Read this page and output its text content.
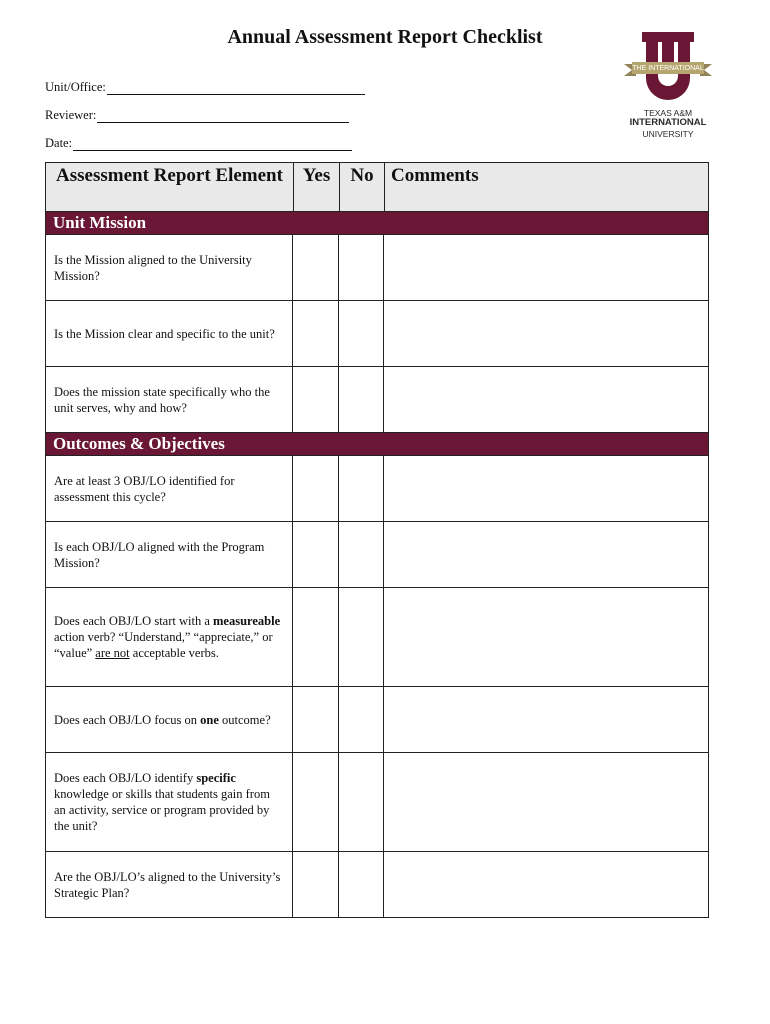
Annual Assessment Report Checklist
Unit/Office:
Reviewer:
Date:
THE INTERNATIONAL
TEXAS A&M
INTERNATIONAL
UNIVERSITY
Assessment Report Element	Yes	No Comments
Unit Mission
Is the Mission aligned to the University Mission?
Is the Mission clear and specific to the unit?
Does the mission state specifically who the unit serves, why and how?
Outcomes & Objectives
Are at least 3 OBJ/LO identified for assessment this cycle?
Is each OBJ/LO aligned with the Program Mission?
Does each OBJ/LO start with a measureable action verb? “Understand,” “appreciate,” or “value” are not acceptable verbs.
Does each OBJ/LO focus on one outcome?
Does each OBJ/LO identify specific knowledge or skills that students gain from an activity, service or program provided by the unit?
Are the OBJ/LO’s aligned to the University’s Strategic Plan?
